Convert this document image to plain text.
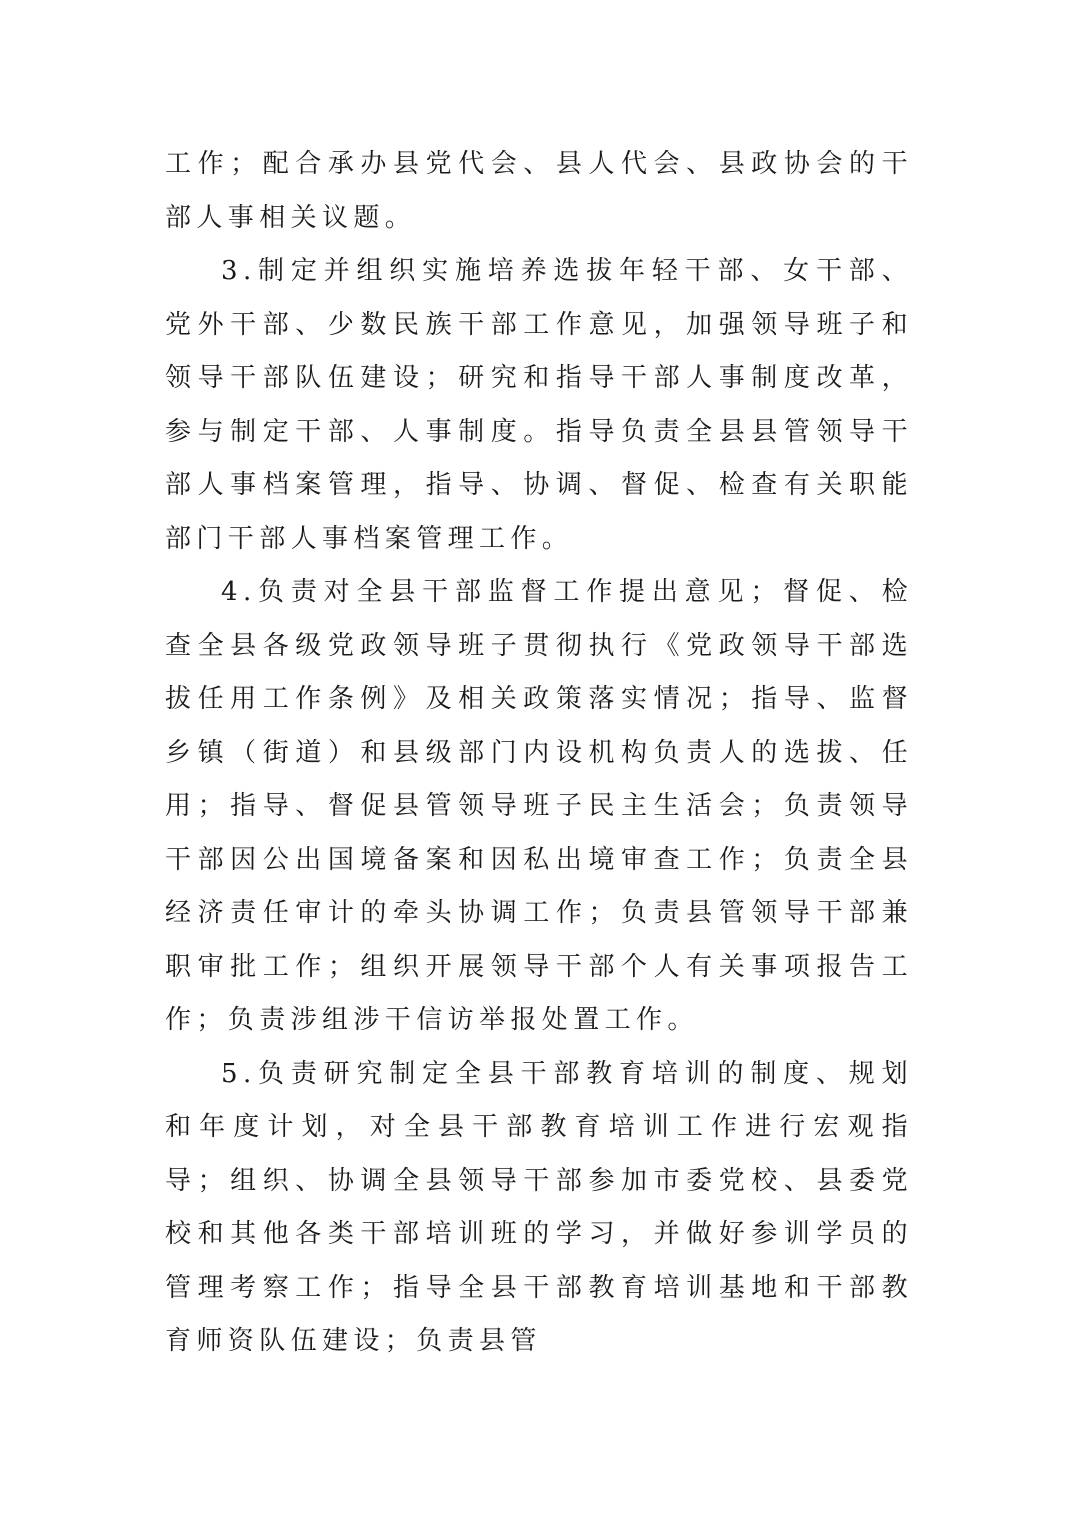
工作；配合承办县党代会、县人代会、县政协会的干部人事相关议题。

3.制定并组织实施培养选拔年轻干部、女干部、党外干部、少数民族干部工作意见，加强领导班子和领导干部队伍建设；研究和指导干部人事制度改革，参与制定干部、人事制度。指导负责全县县管领导干部人事档案管理，指导、协调、督促、检查有关职能部门干部人事档案管理工作。

4.负责对全县干部监督工作提出意见；督促、检查全县各级党政领导班子贯彻执行《党政领导干部选拔任用工作条例》及相关政策落实情况；指导、监督乡镇（街道）和县级部门内设机构负责人的选拔、任用；指导、督促县管领导班子民主生活会；负责领导干部因公出国境备案和因私出境审查工作；负责全县经济责任审计的牵头协调工作；负责县管领导干部兼职审批工作；组织开展领导干部个人有关事项报告工作；负责涉组涉干信访举报处置工作。

5.负责研究制定全县干部教育培训的制度、规划和年度计划，对全县干部教育培训工作进行宏观指导；组织、协调全县领导干部参加市委党校、县委党校和其他各类干部培训班的学习，并做好参训学员的管理考察工作；指导全县干部教育培训基地和干部教育师资队伍建设；负责县管
